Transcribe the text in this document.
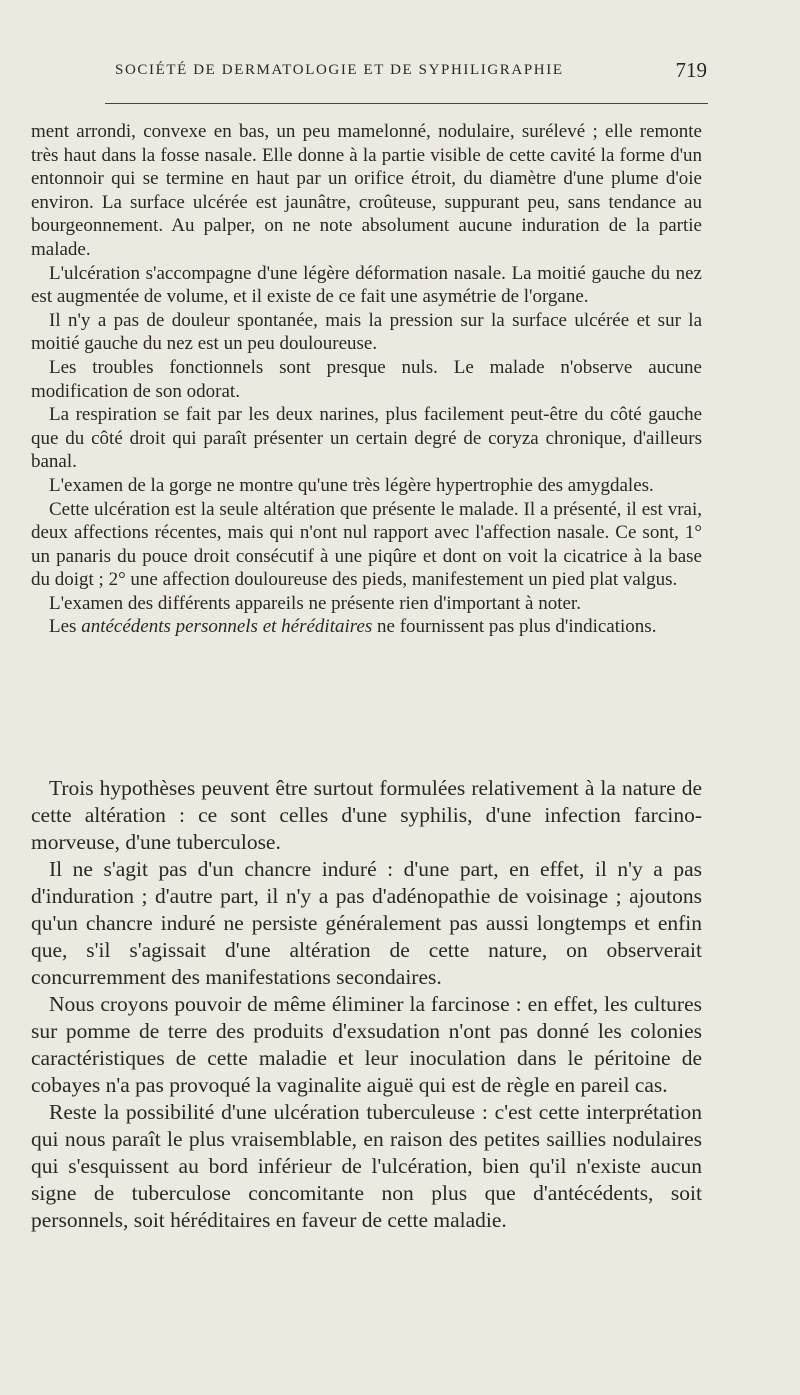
SOCIÉTÉ DE DERMATOLOGIE ET DE SYPHILIGRAPHIE	719

ment arrondi, convexe en bas, un peu mamelonné, nodulaire, surélevé ; elle remonte très haut dans la fosse nasale. Elle donne à la partie visible de cette cavité la forme d'un entonnoir qui se termine en haut par un orifice étroit, du diamètre d'une plume d'oie environ. La surface ulcérée est jaunâtre, croûteuse, suppurant peu, sans tendance au bourgeonnement. Au palper, on ne note absolument aucune induration de la partie malade.

L'ulcération s'accompagne d'une légère déformation nasale. La moitié gauche du nez est augmentée de volume, et il existe de ce fait une asymétrie de l'organe.

Il n'y a pas de douleur spontanée, mais la pression sur la surface ulcérée et sur la moitié gauche du nez est un peu douloureuse.

Les troubles fonctionnels sont presque nuls. Le malade n'observe aucune modification de son odorat.

La respiration se fait par les deux narines, plus facilement peut-être du côté gauche que du côté droit qui paraît présenter un certain degré de coryza chronique, d'ailleurs banal.

L'examen de la gorge ne montre qu'une très légère hypertrophie des amygdales.

Cette ulcération est la seule altération que présente le malade. Il a présenté, il est vrai, deux affections récentes, mais qui n'ont nul rapport avec l'affection nasale. Ce sont, 1° un panaris du pouce droit consécutif à une piqûre et dont on voit la cicatrice à la base du doigt ; 2° une affection douloureuse des pieds, manifestement un pied plat valgus.

L'examen des différents appareils ne présente rien d'important à noter.

Les antécédents personnels et héréditaires ne fournissent pas plus d'indications.

Trois hypothèses peuvent être surtout formulées relativement à la nature de cette altération : ce sont celles d'une syphilis, d'une infection farcino-morveuse, d'une tuberculose.

Il ne s'agit pas d'un chancre induré : d'une part, en effet, il n'y a pas d'induration ; d'autre part, il n'y a pas d'adénopathie de voisinage ; ajoutons qu'un chancre induré ne persiste généralement pas aussi longtemps et enfin que, s'il s'agissait d'une altération de cette nature, on observerait concurremment des manifestations secondaires.

Nous croyons pouvoir de même éliminer la farcinose : en effet, les cultures sur pomme de terre des produits d'exsudation n'ont pas donné les colonies caractéristiques de cette maladie et leur inoculation dans le péritoine de cobayes n'a pas provoqué la vaginalite aiguë qui est de règle en pareil cas.

Reste la possibilité d'une ulcération tuberculeuse : c'est cette interprétation qui nous paraît le plus vraisemblable, en raison des petites saillies nodulaires qui s'esquissent au bord inférieur de l'ulcération, bien qu'il n'existe aucun signe de tuberculose concomitante non plus que d'antécédents, soit personnels, soit héréditaires en faveur de cette maladie.
